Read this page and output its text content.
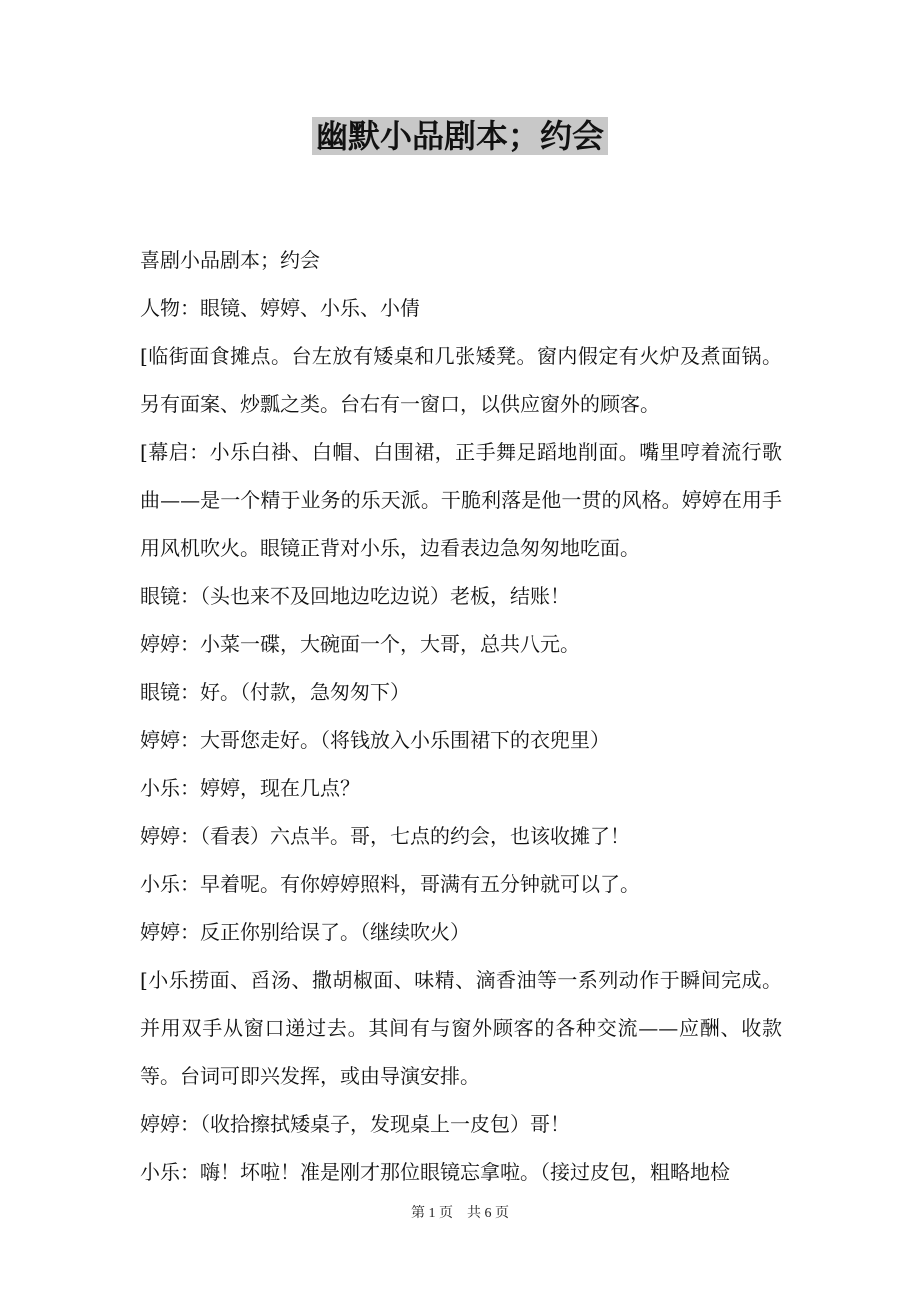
幽默小品剧本；约会

喜剧小品剧本；约会

人物：眼镜、婷婷、小乐、小倩

[临街面食摊点。台左放有矮桌和几张矮凳。窗内假定有火炉及煮面锅。另有面案、炒瓢之类。台右有一窗口，以供应窗外的顾客。

[幕启：小乐白褂、白帽、白围裙，正手舞足蹈地削面。嘴里哼着流行歌曲——是一个精于业务的乐天派。干脆利落是他一贯的风格。婷婷在用手用风机吹火。眼镜正背对小乐，边看表边急匆匆地吃面。

眼镜：（头也来不及回地边吃边说）老板，结账！

婷婷：小菜一碟，大碗面一个，大哥，总共八元。

眼镜：好。（付款，急匆匆下）

婷婷：大哥您走好。（将钱放入小乐围裙下的衣兜里）

小乐：婷婷，现在几点？

婷婷：（看表）六点半。哥，七点的约会，也该收摊了！

小乐：早着呢。有你婷婷照料，哥满有五分钟就可以了。

婷婷：反正你别给误了。（继续吹火）

[小乐捞面、舀汤、撒胡椒面、味精、滴香油等一系列动作于瞬间完成。并用双手从窗口递过去。其间有与窗外顾客的各种交流——应酬、收款等。台词可即兴发挥，或由导演安排。

婷婷：（收拾擦拭矮桌子，发现桌上一皮包）哥！

小乐：嗨！坏啦！准是刚才那位眼镜忘拿啦。（接过皮包，粗略地检

第 1 页　共 6 页
